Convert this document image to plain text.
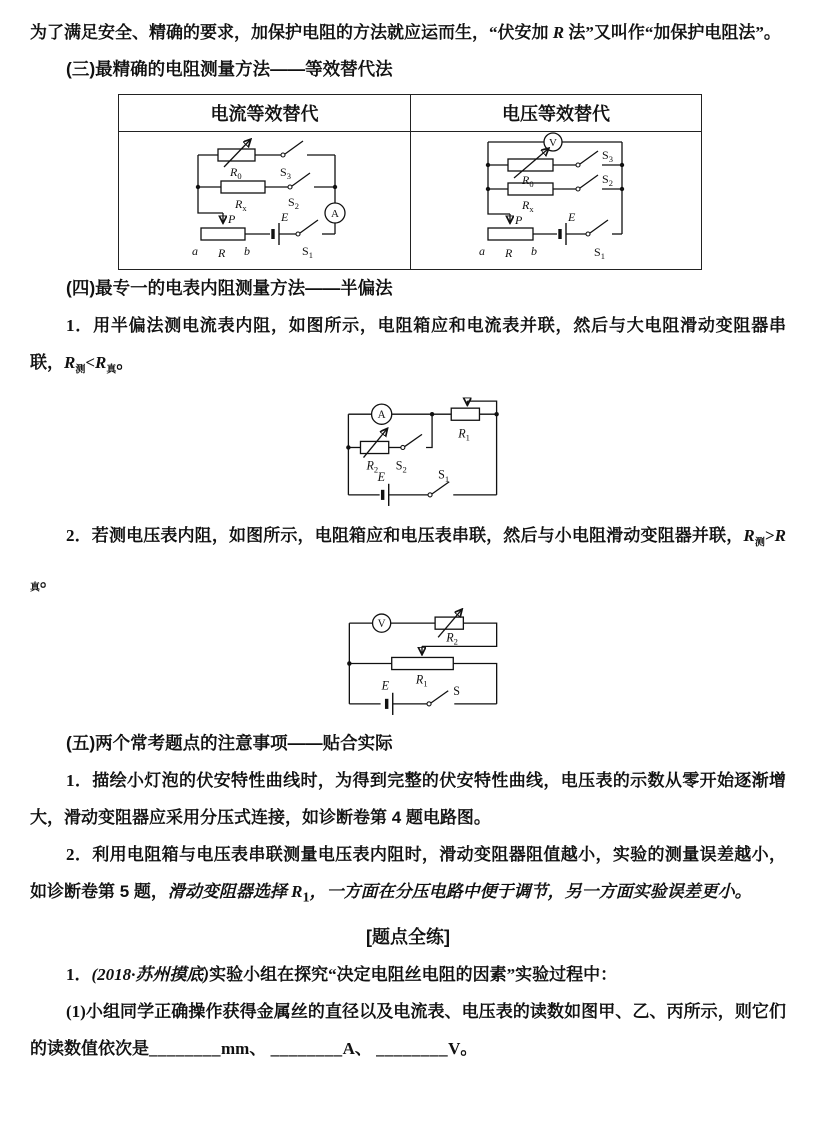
为了满足安全、精确的要求，加保护电阻的方法就应运而生，“伏安加 R 法”又叫作“加保护电阻法”。

(三)最精确的电阻测量方法——等效替代法
电流等效替代	电压等效替代

A
$R_0$	$S_3$
$R_x$	$S_2$
P
a R b
E
$S_1$

V
$R_0$
$S_3$
$R_x$
$S_2$
P
a R b
E
$S_1$
(四)最专一的电表内阻测量方法——半偏法

1．用半偏法测电流表内阻，如图所示，电阻箱应和电流表并联，然后与大电阻滑动变阻器串联，$R_测<R_真$。

A
$R_1$
$R_2$ $S_2$
E	$S_1$

2．若测电压表内阻，如图所示，电阻箱应和电压表串联，然后与小电阻滑动变阻器并联，$R_测>R_真$。

V
$R_2$
$R_1$
E	S
(五)两个常考题点的注意事项——贴合实际

1．描绘小灯泡的伏安特性曲线时，为得到完整的伏安特性曲线，电压表的示数从零开始逐渐增大，滑动变阻器应采用分压式连接，如诊断卷第 4 题电路图。

2．利用电阻箱与电压表串联测量电压表内阻时，滑动变阻器阻值越小，实验的测量误差越小，如诊断卷第 5 题，滑动变阻器选择 $R_1$，一方面在分压电路中便于调节，另一方面实验误差更小。

[题点全练]

1．(2018·苏州摸底)实验小组在探究“决定电阻丝电阻的因素”实验过程中：

(1)小组同学正确操作获得金属丝的直径以及电流表、电压表的读数如图甲、乙、丙所示，则它们的读数值依次是________mm、 ________A、 ________V。
